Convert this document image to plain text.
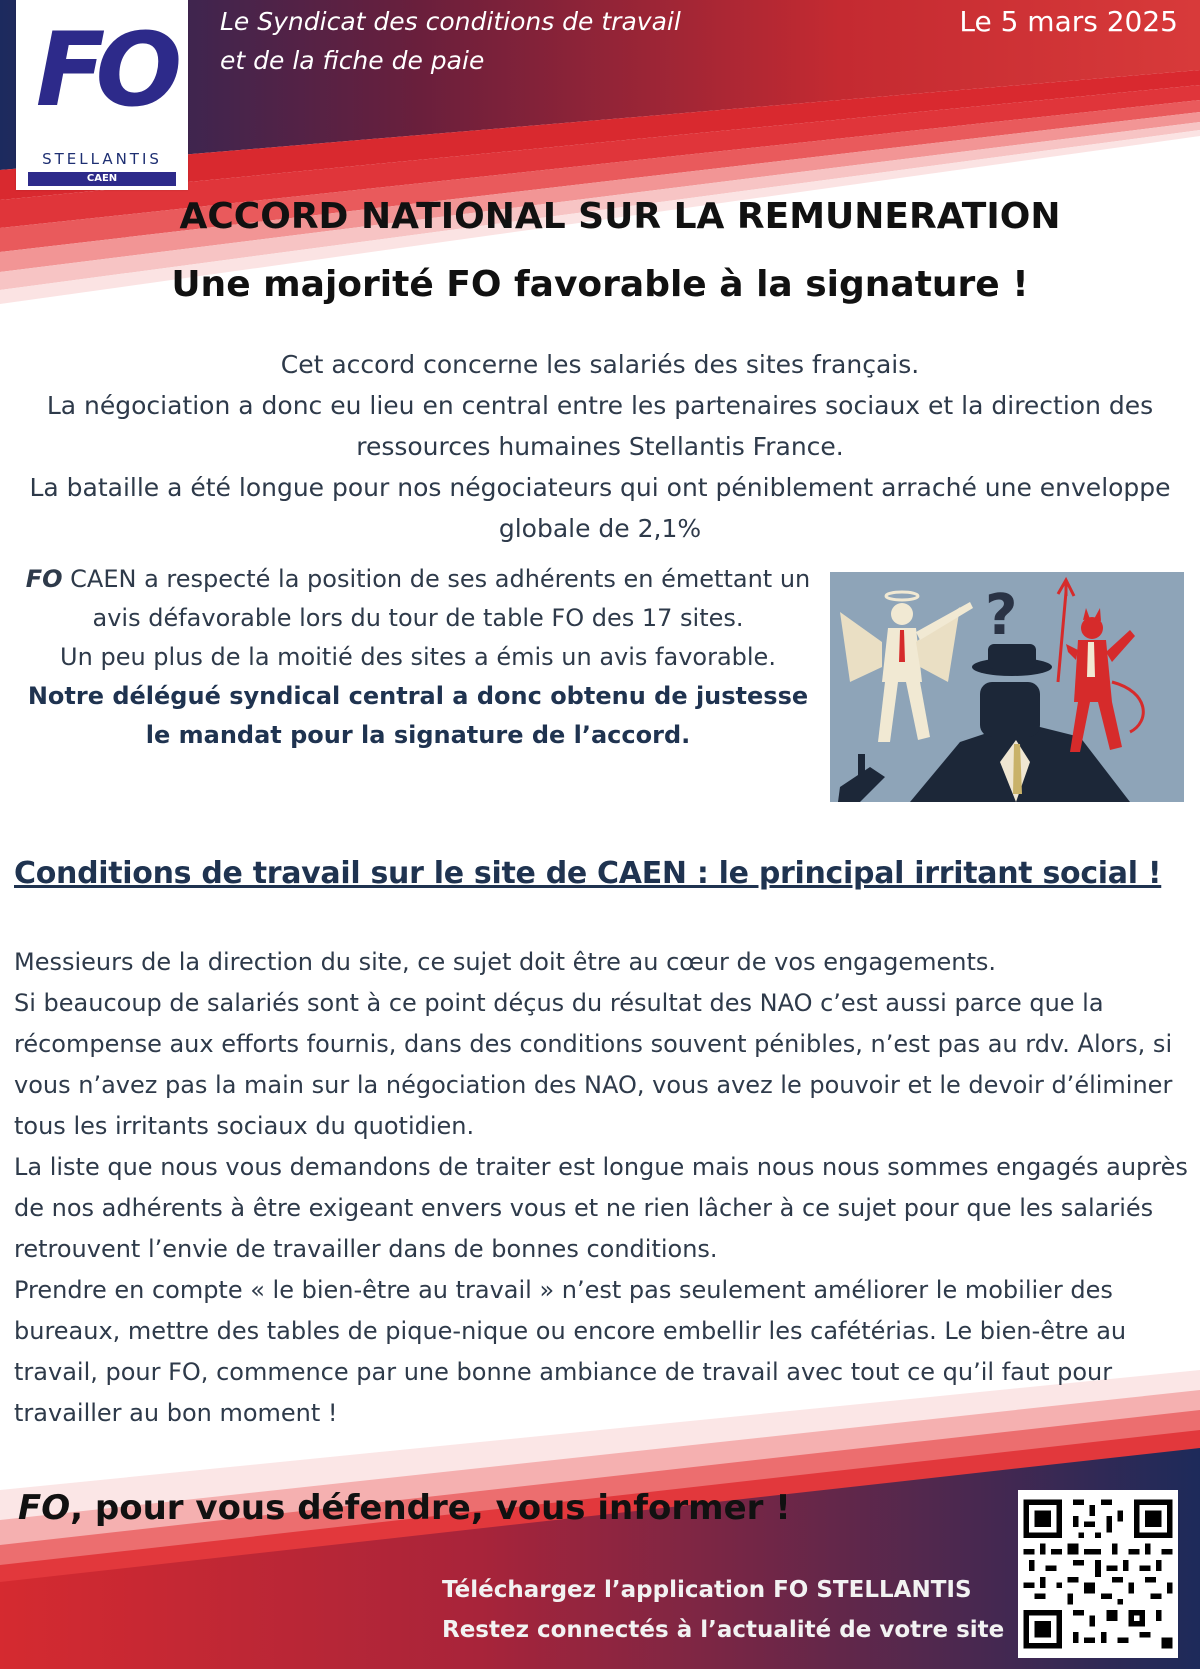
FO
STELLANTIS
CAEN
Le Syndicat des conditions de travail
et de la fiche de paie
Le 5 mars 2025
ACCORD NATIONAL SUR LA REMUNERATION
Une majorité FO favorable à la signature !

Cet accord concerne les salariés des sites français.

La négociation a donc eu lieu en central entre les partenaires sociaux et la direction des ressources humaines Stellantis France.

La bataille a été longue pour nos négociateurs qui ont péniblement arraché une enveloppe globale de 2,1%

FO CAEN a respecté la position de ses adhérents en émettant un avis défavorable lors du tour de table FO des 17 sites.

Un peu plus de la moitié des sites a émis un avis favorable.

Notre délégué syndical central a donc obtenu de justesse le mandat pour la signature de l’accord.

?
Conditions de travail sur le site de CAEN : le principal irritant social !

Messieurs de la direction du site, ce sujet doit être au cœur de vos engagements.

Si beaucoup de salariés sont à ce point déçus du résultat des NAO c’est aussi parce que la récompense aux efforts fournis, dans des conditions souvent pénibles, n’est pas au rdv. Alors, si vous n’avez pas la main sur la négociation des NAO, vous avez le pouvoir et le devoir d’éliminer tous les irritants sociaux du quotidien.

La liste que nous vous demandons de traiter est longue mais nous nous sommes engagés auprès de nos adhérents à être exigeant envers vous et ne rien lâcher à ce sujet pour que les salariés retrouvent l’envie de travailler dans de bonnes conditions.

Prendre en compte « le bien-être au travail » n’est pas seulement améliorer le mobilier des bureaux, mettre des tables de pique-nique ou encore embellir les cafétérias. Le bien-être au travail, pour FO, commence par une bonne ambiance de travail avec tout ce qu’il faut pour travailler au bon moment !

FO, pour vous défendre, vous informer !
Téléchargez l’application FO STELLANTIS
Restez connectés à l’actualité de votre site
